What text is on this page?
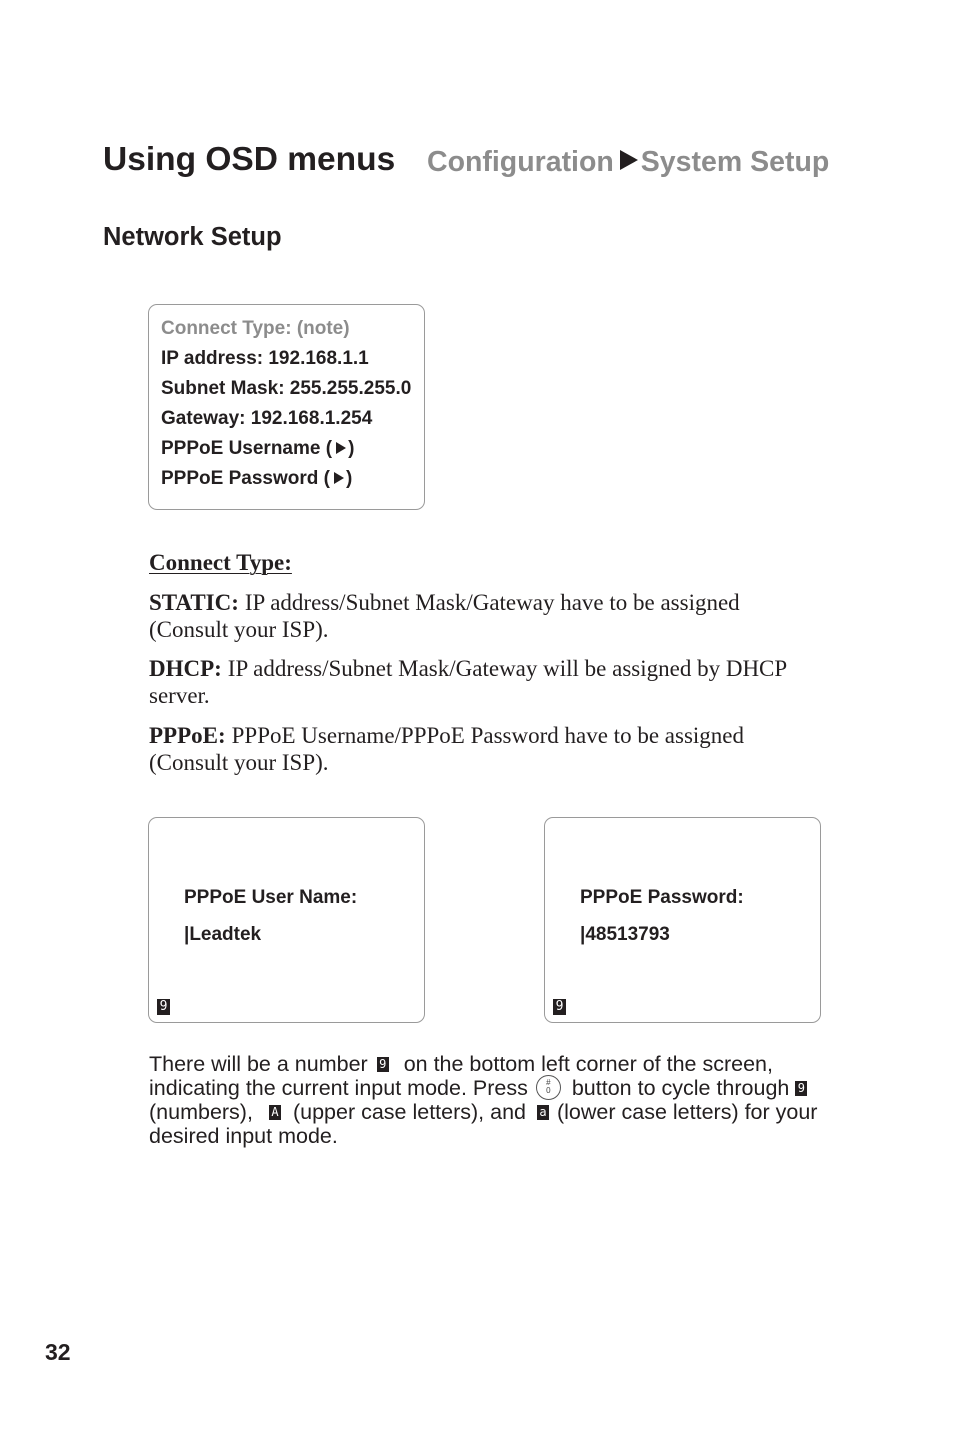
Using OSD menus Configuration System Setup
Network Setup
Connect Type: (note)
IP address: 192.168.1.1
Subnet Mask: 255.255.255.0
Gateway: 192.168.1.254
PPPoE Username ( )
PPPoE Password ( )
Connect Type:
STATIC: IP address/Subnet Mask/Gateway have to be assigned
(Consult your ISP).
DHCP: IP address/Subnet Mask/Gateway will be assigned by DHCP
server.
PPPoE: PPPoE Username/PPPoE Password have to be assigned
(Consult your ISP).
PPPoE User Name:
|Leadtek
9
PPPoE Password:
|48513793
9
There will be a number 9 on the bottom left corner of the screen,
indicating the current input mode. Press #
0 button to cycle through 9
(numbers), A (upper case letters), and a (lower case letters) for your
desired input mode.
32
